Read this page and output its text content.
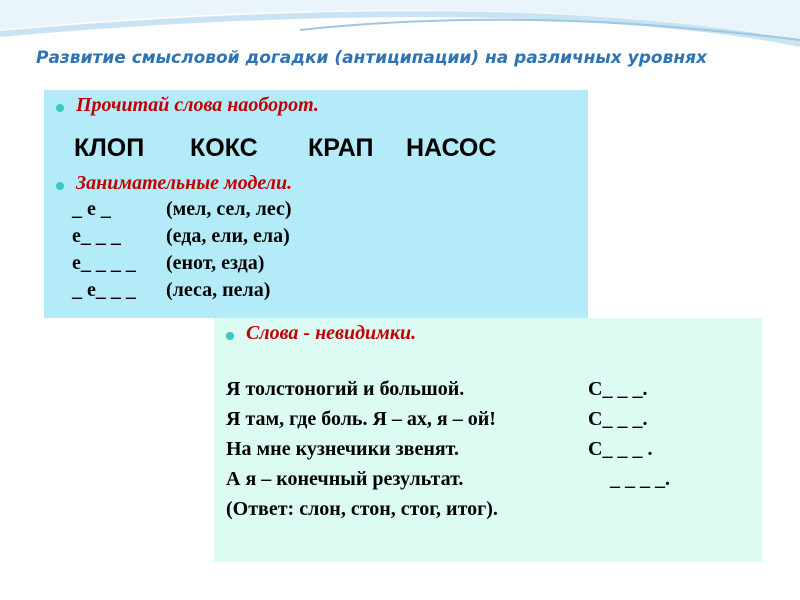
Развитие смысловой догадки (антиципации) на различных уровнях
Прочитай слова наоборот.
КЛОП КОКС КРАП НАСОС
Занимательные модели.
_ е _	(мел, сел, лес)
е_ _ _ (еда, ели, ела)
е_ _ _ _ (енот, езда)
_ е_ _ _ (леса, пела)
Слова - невидимки.
Я толстоногий и большой.	С_ _ _.
Я там, где боль. Я – ах, я – ой!	С_ _ _.
На мне кузнечики звенят.	С_ _ _ .
А я – конечный результат.	_ _ _ _.
(Ответ: слон, стон, стог, итог).
